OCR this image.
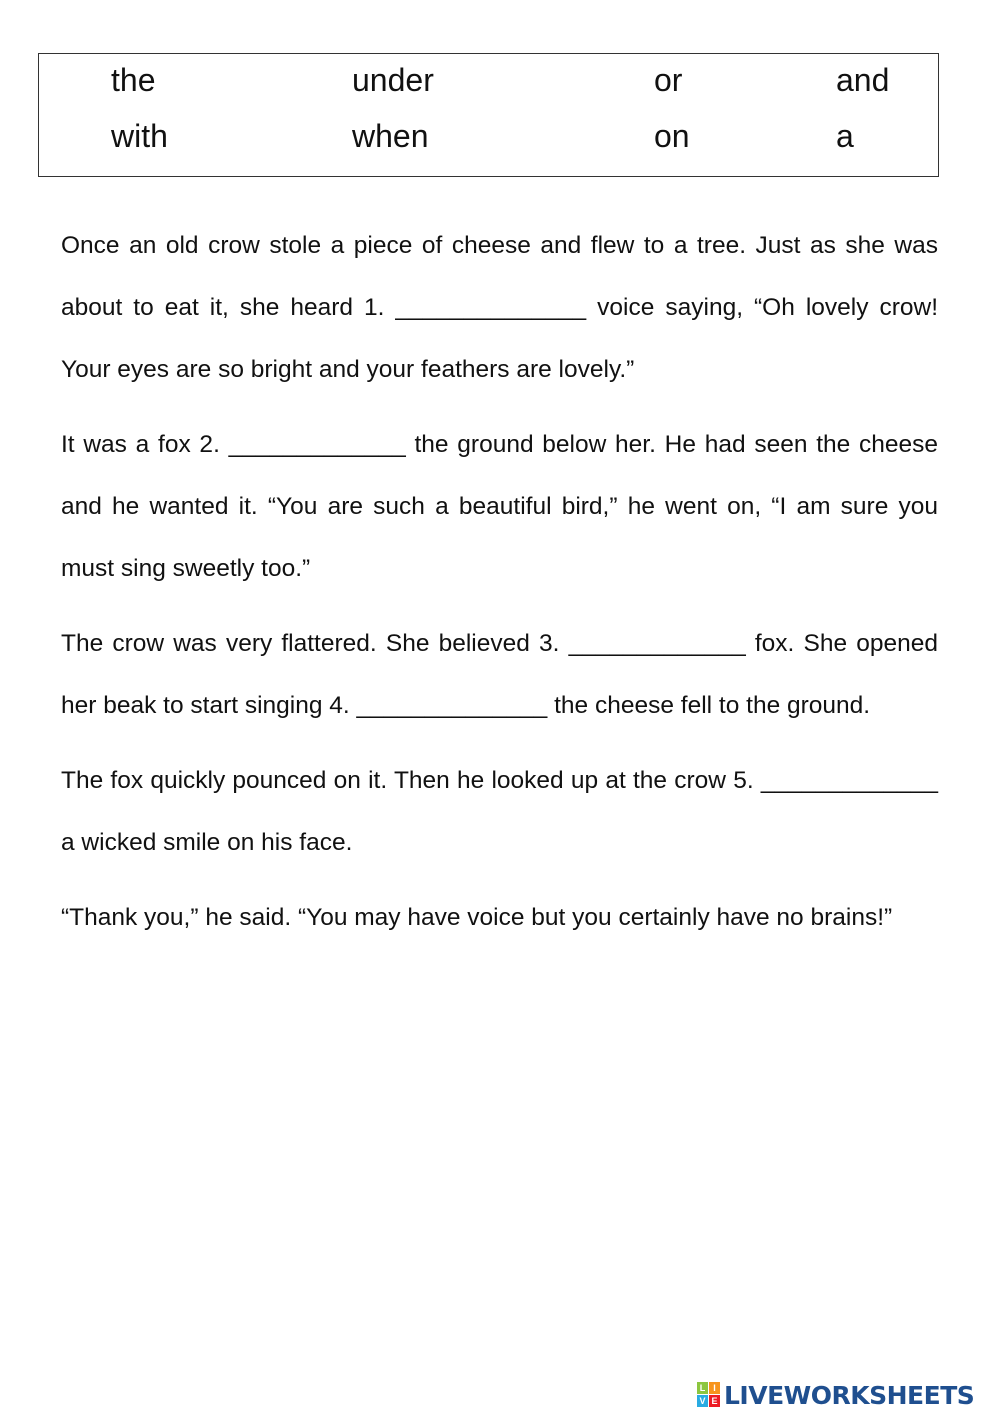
the	under	or	and
with	when	on	a

Once an old crow stole a piece of cheese and flew to a tree. Just as she was about to eat it, she heard 1. ______________ voice saying, “Oh lovely crow! Your eyes are so bright and your feathers are lovely.”

It was a fox 2. _____________ the ground below her. He had seen the cheese and he wanted it. “You are such a beautiful bird,” he went on, “I am sure you must sing sweetly too.”

The crow was very flattered. She believed 3. _____________ fox. She opened her beak to start singing 4. ______________ the cheese fell to the ground.

The fox quickly pounced on it. Then he looked up at the crow 5. _____________ a wicked smile on his face.

“Thank you,” he said. “You may have voice but you certainly have no brains!”

L I
V E LIVEWORKSHEETS
